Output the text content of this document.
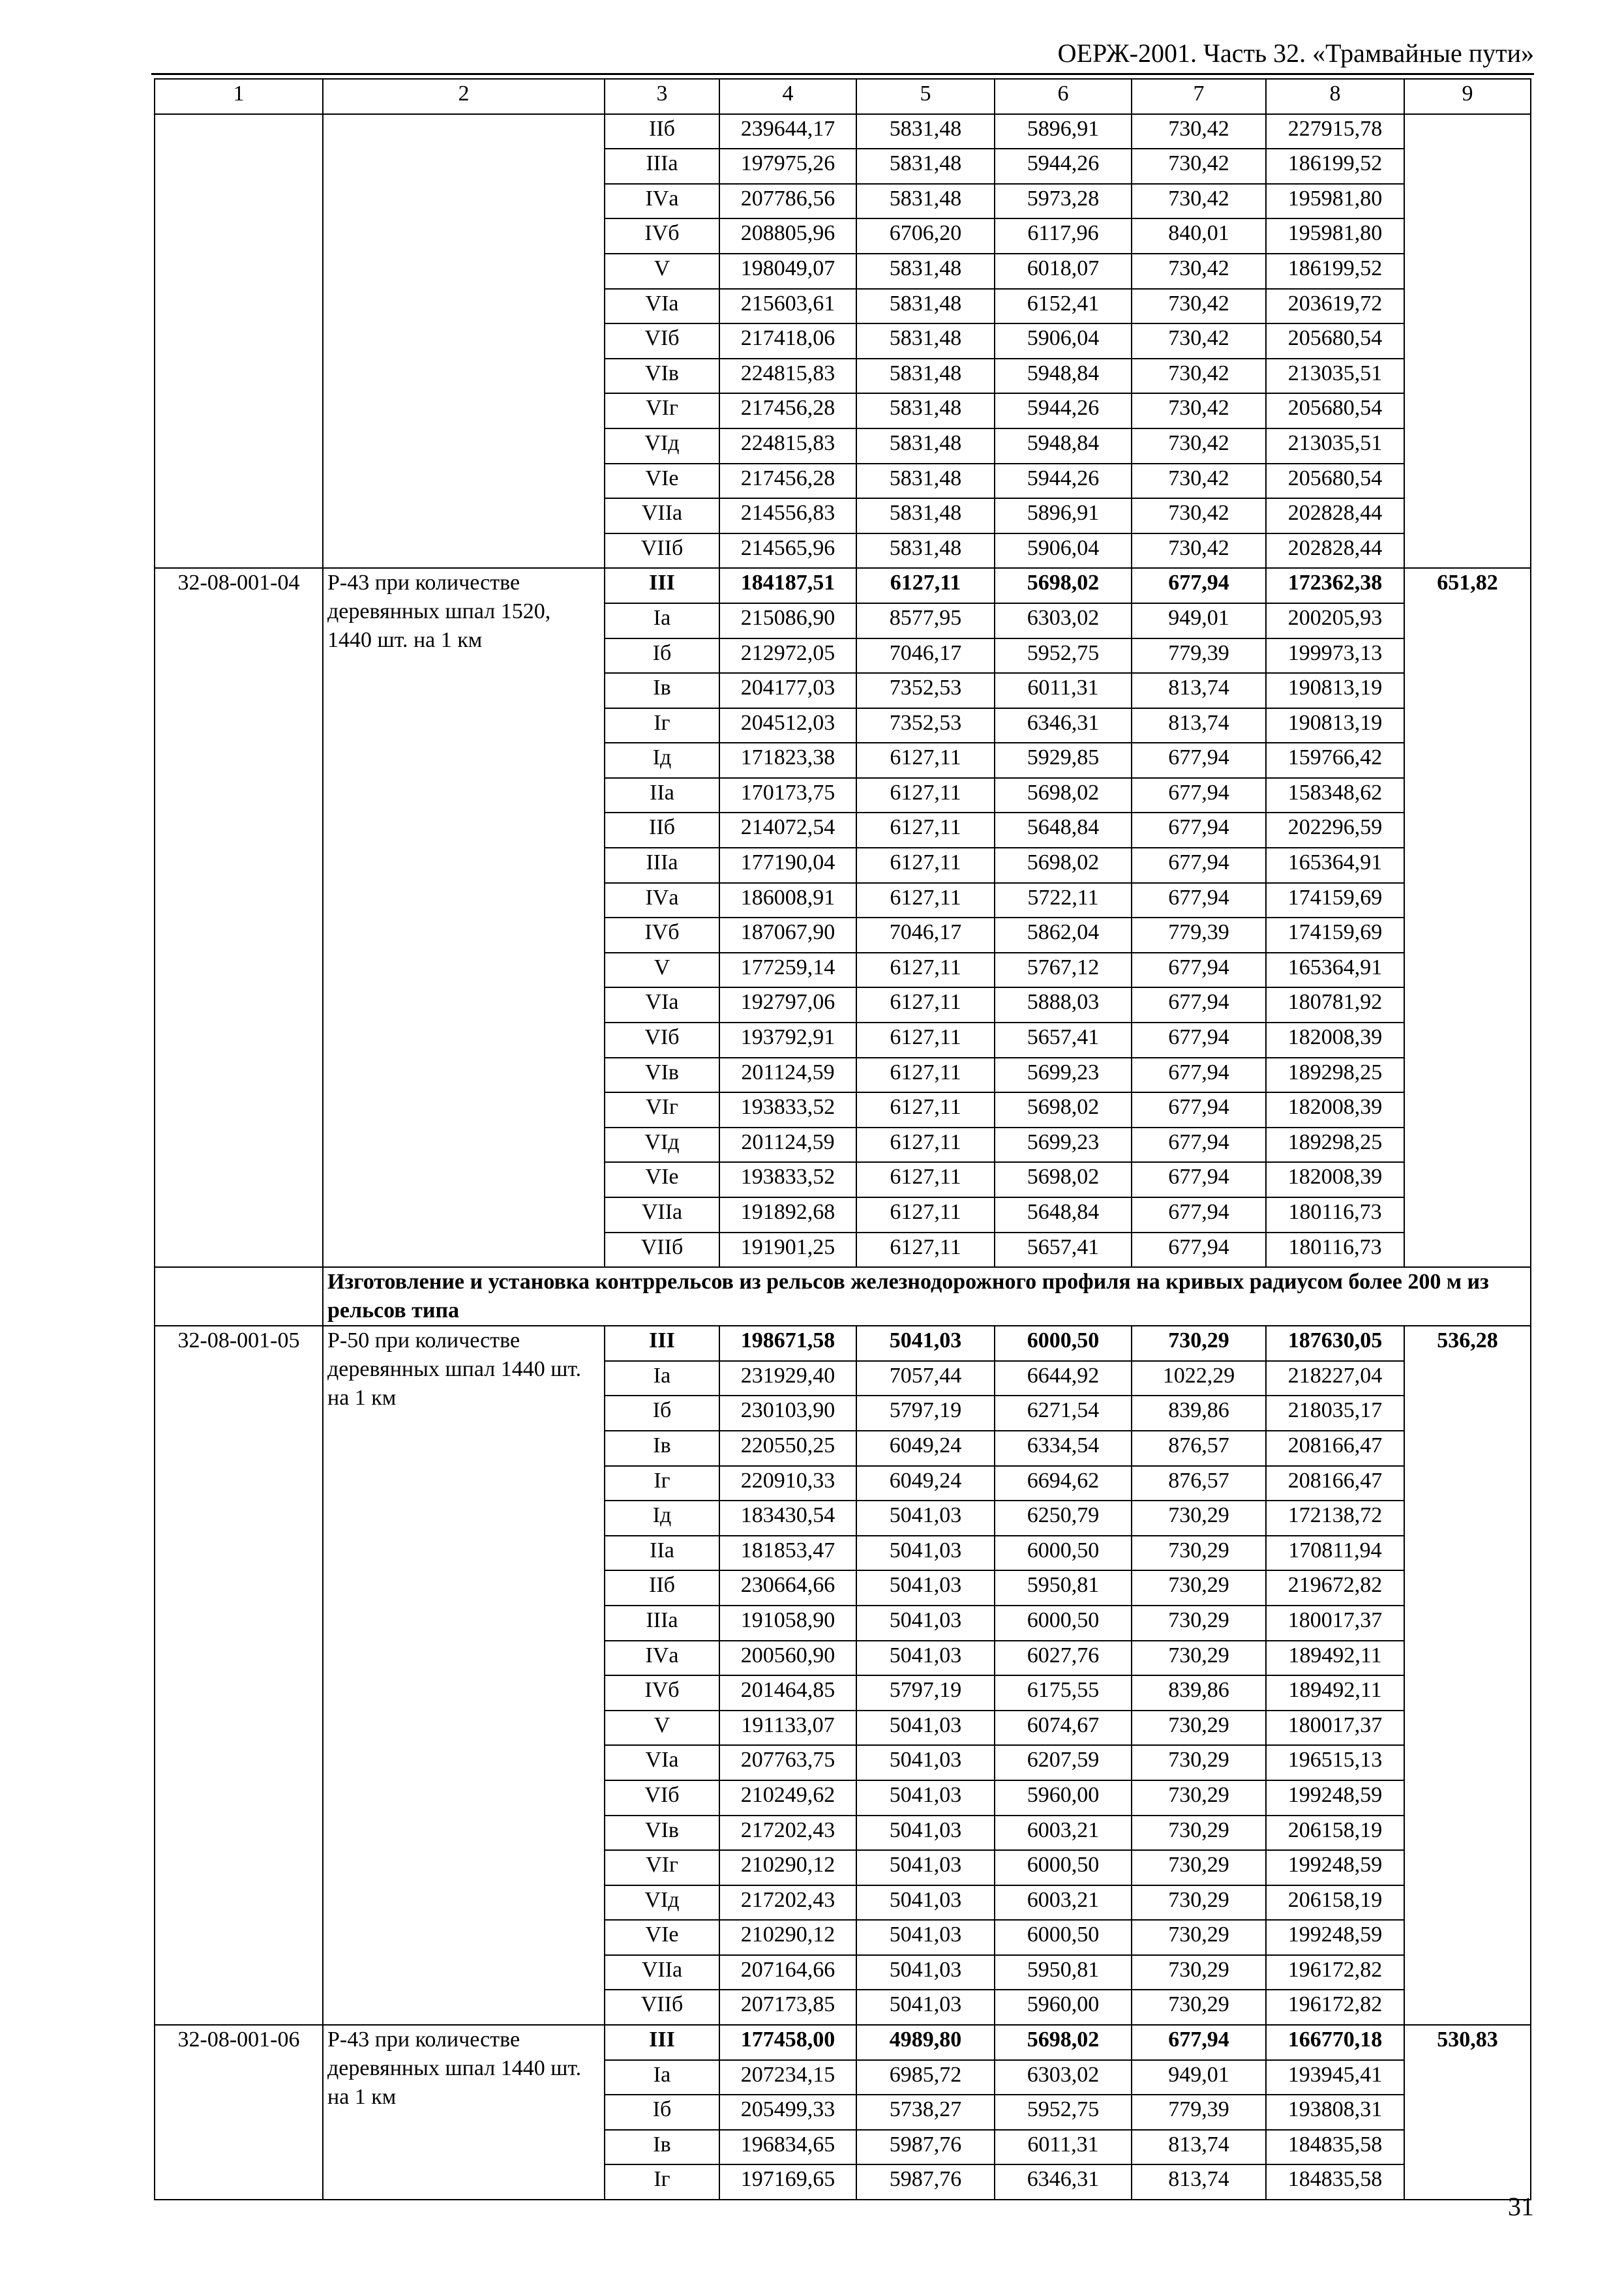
ОЕРЖ-2001. Часть 32. «Трамвайные пути»
1	2	3	4	5	6	7	8	9
		IIб	239644,17	5831,48	5896,91	730,42	227915,78	
		IIIа	197975,26	5831,48	5944,26	730,42	186199,52	
		IVа	207786,56	5831,48	5973,28	730,42	195981,80	
		IVб	208805,96	6706,20	6117,96	840,01	195981,80	
		V	198049,07	5831,48	6018,07	730,42	186199,52	
		VIа	215603,61	5831,48	6152,41	730,42	203619,72	
		VIб	217418,06	5831,48	5906,04	730,42	205680,54	
		VIв	224815,83	5831,48	5948,84	730,42	213035,51	
		VIг	217456,28	5831,48	5944,26	730,42	205680,54	
		VIд	224815,83	5831,48	5948,84	730,42	213035,51	
		VIе	217456,28	5831,48	5944,26	730,42	205680,54	
		VIIа	214556,83	5831,48	5896,91	730,42	202828,44	
		VIIб	214565,96	5831,48	5906,04	730,42	202828,44	
32-08-001-04	Р-43 при количестве деревянных шпал 1520, 1440 шт. на 1 км	III	184187,51	6127,11	5698,02	677,94	172362,38	651,82
		Iа	215086,90	8577,95	6303,02	949,01	200205,93	
		Iб	212972,05	7046,17	5952,75	779,39	199973,13	
		Iв	204177,03	7352,53	6011,31	813,74	190813,19	
		Iг	204512,03	7352,53	6346,31	813,74	190813,19	
		Iд	171823,38	6127,11	5929,85	677,94	159766,42	
		IIа	170173,75	6127,11	5698,02	677,94	158348,62	
		IIб	214072,54	6127,11	5648,84	677,94	202296,59	
		IIIа	177190,04	6127,11	5698,02	677,94	165364,91	
		IVа	186008,91	6127,11	5722,11	677,94	174159,69	
		IVб	187067,90	7046,17	5862,04	779,39	174159,69	
		V	177259,14	6127,11	5767,12	677,94	165364,91	
		VIа	192797,06	6127,11	5888,03	677,94	180781,92	
		VIб	193792,91	6127,11	5657,41	677,94	182008,39	
		VIв	201124,59	6127,11	5699,23	677,94	189298,25	
		VIг	193833,52	6127,11	5698,02	677,94	182008,39	
		VIд	201124,59	6127,11	5699,23	677,94	189298,25	
		VIе	193833,52	6127,11	5698,02	677,94	182008,39	
		VIIа	191892,68	6127,11	5648,84	677,94	180116,73	
		VIIб	191901,25	6127,11	5657,41	677,94	180116,73	
	Изготовление и установка контррельсов из рельсов железнодорожного профиля на кривых радиусом более 200 м из рельсов типа							
32-08-001-05	Р-50 при количестве деревянных шпал 1440 шт. на 1 км	III	198671,58	5041,03	6000,50	730,29	187630,05	536,28
		Iа	231929,40	7057,44	6644,92	1022,29	218227,04	
		Iб	230103,90	5797,19	6271,54	839,86	218035,17	
		Iв	220550,25	6049,24	6334,54	876,57	208166,47	
		Iг	220910,33	6049,24	6694,62	876,57	208166,47	
		Iд	183430,54	5041,03	6250,79	730,29	172138,72	
		IIа	181853,47	5041,03	6000,50	730,29	170811,94	
		IIб	230664,66	5041,03	5950,81	730,29	219672,82	
		IIIа	191058,90	5041,03	6000,50	730,29	180017,37	
		IVа	200560,90	5041,03	6027,76	730,29	189492,11	
		IVб	201464,85	5797,19	6175,55	839,86	189492,11	
		V	191133,07	5041,03	6074,67	730,29	180017,37	
		VIа	207763,75	5041,03	6207,59	730,29	196515,13	
		VIб	210249,62	5041,03	5960,00	730,29	199248,59	
		VIв	217202,43	5041,03	6003,21	730,29	206158,19	
		VIг	210290,12	5041,03	6000,50	730,29	199248,59	
		VIд	217202,43	5041,03	6003,21	730,29	206158,19	
		VIе	210290,12	5041,03	6000,50	730,29	199248,59	
		VIIа	207164,66	5041,03	5950,81	730,29	196172,82	
		VIIб	207173,85	5041,03	5960,00	730,29	196172,82	
32-08-001-06	Р-43 при количестве деревянных шпал 1440 шт. на 1 км	III	177458,00	4989,80	5698,02	677,94	166770,18	530,83
		Iа	207234,15	6985,72	6303,02	949,01	193945,41	
		Iб	205499,33	5738,27	5952,75	779,39	193808,31	
		Iв	196834,65	5987,76	6011,31	813,74	184835,58	
		Iг	197169,65	5987,76	6346,31	813,74	184835,58	
31
